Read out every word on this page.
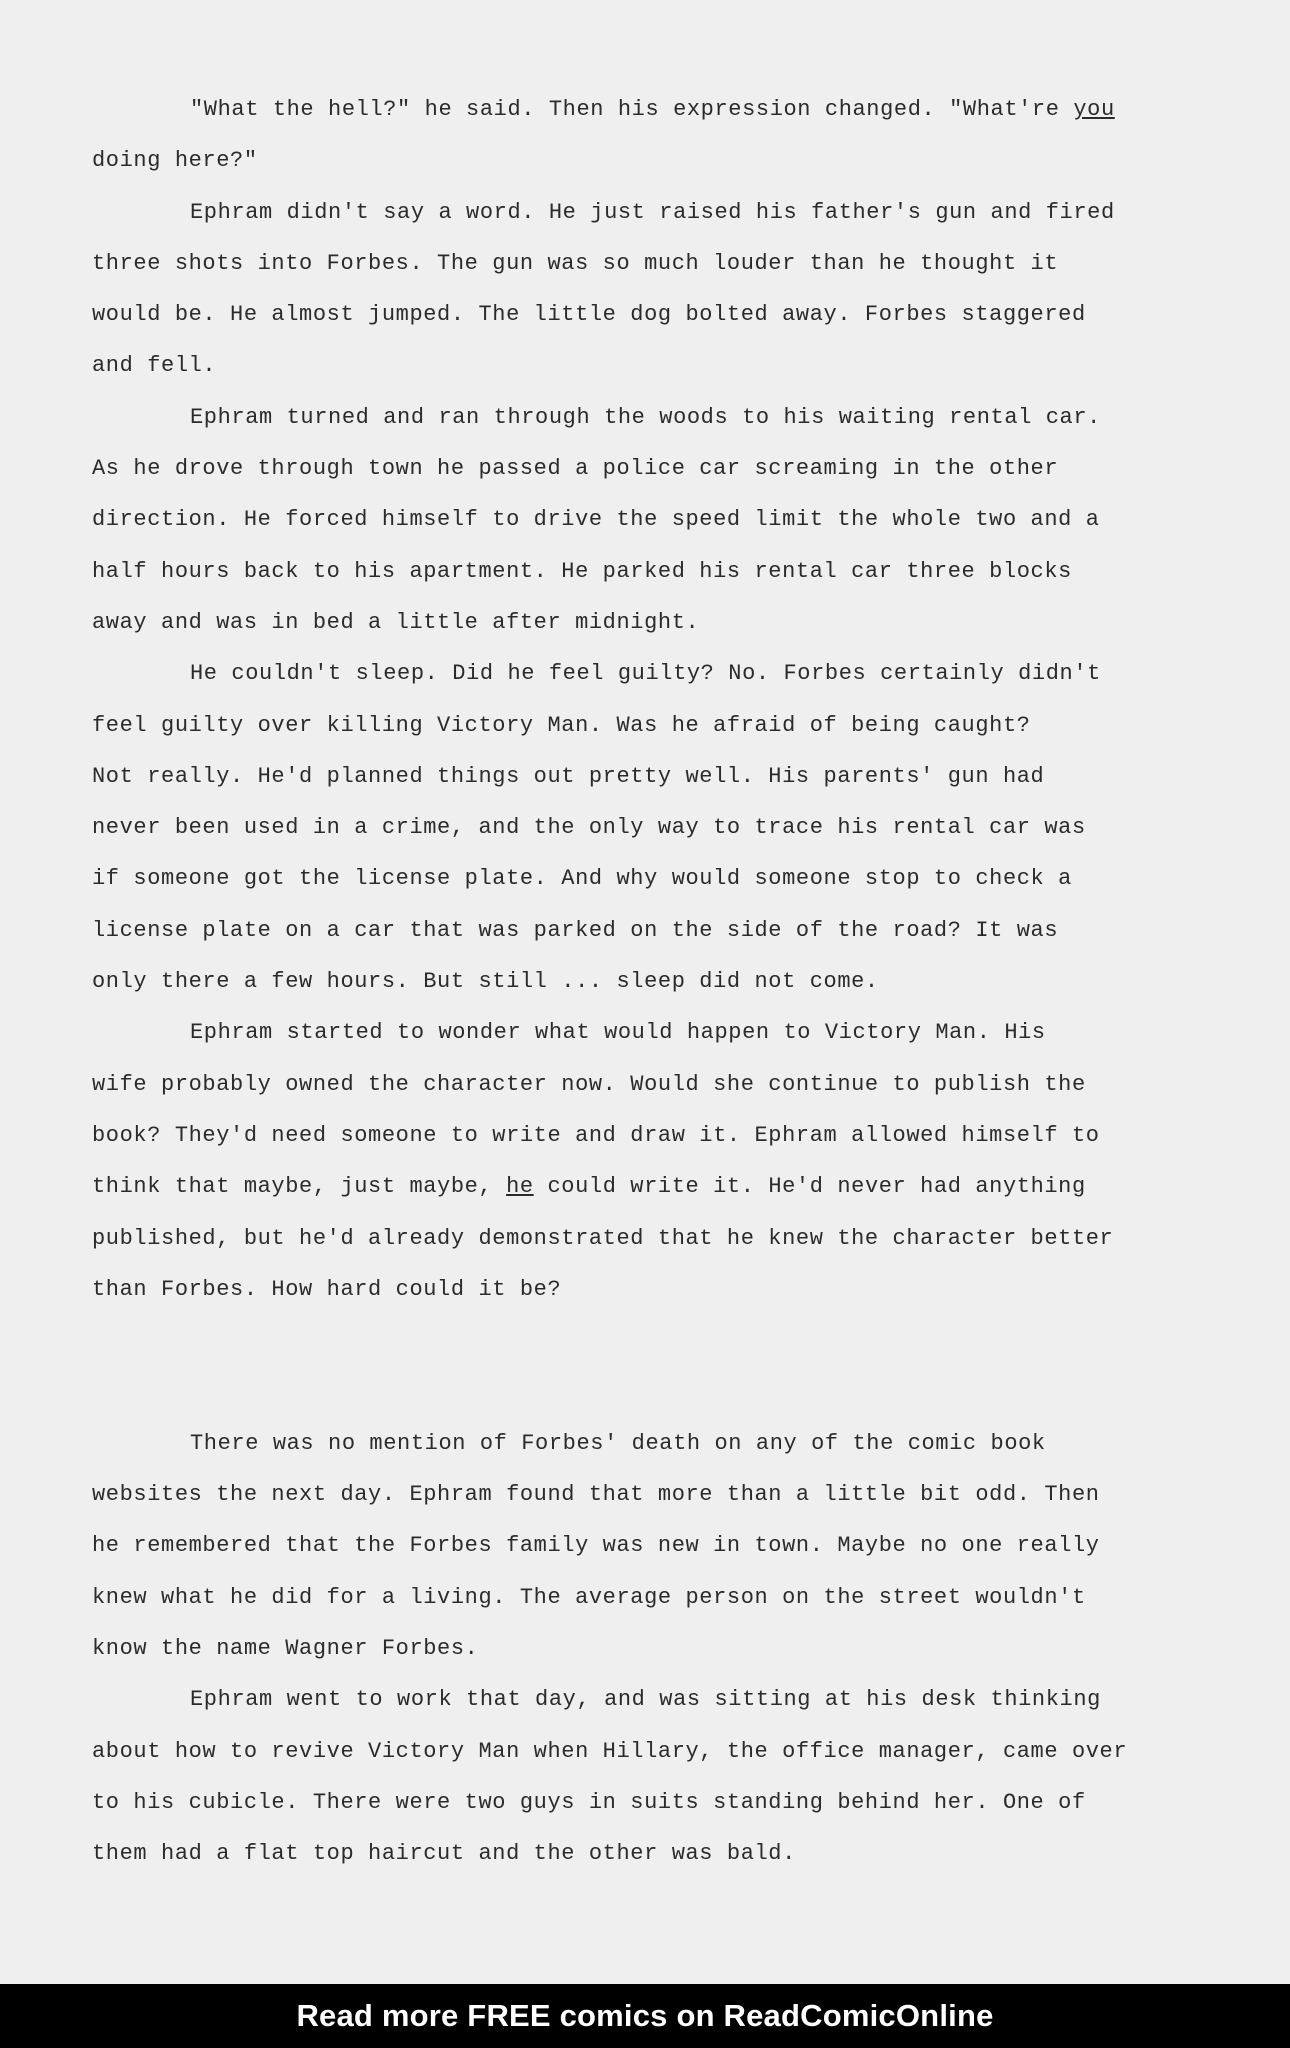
"What the hell?" he said. Then his expression changed. "What're you
doing here?"
Ephram didn't say a word. He just raised his father's gun and fired
three shots into Forbes. The gun was so much louder than he thought it
would be. He almost jumped. The little dog bolted away. Forbes staggered
and fell.
Ephram turned and ran through the woods to his waiting rental car.
As he drove through town he passed a police car screaming in the other
direction. He forced himself to drive the speed limit the whole two and a
half hours back to his apartment. He parked his rental car three blocks
away and was in bed a little after midnight.
He couldn't sleep. Did he feel guilty? No. Forbes certainly didn't
feel guilty over killing Victory Man. Was he afraid of being caught?
Not really. He'd planned things out pretty well. His parents' gun had
never been used in a crime, and the only way to trace his rental car was
if someone got the license plate. And why would someone stop to check a
license plate on a car that was parked on the side of the road? It was
only there a few hours. But still ... sleep did not come.
Ephram started to wonder what would happen to Victory Man. His
wife probably owned the character now. Would she continue to publish the
book? They'd need someone to write and draw it. Ephram allowed himself to
think that maybe, just maybe, he could write it. He'd never had anything
published, but he'd already demonstrated that he knew the character better
than Forbes. How hard could it be?
There was no mention of Forbes' death on any of the comic book
websites the next day. Ephram found that more than a little bit odd. Then
he remembered that the Forbes family was new in town. Maybe no one really
knew what he did for a living. The average person on the street wouldn't
know the name Wagner Forbes.
Ephram went to work that day, and was sitting at his desk thinking
about how to revive Victory Man when Hillary, the office manager, came over
to his cubicle. There were two guys in suits standing behind her. One of
them had a flat top haircut and the other was bald.
Read more FREE comics on ReadComicOnline
